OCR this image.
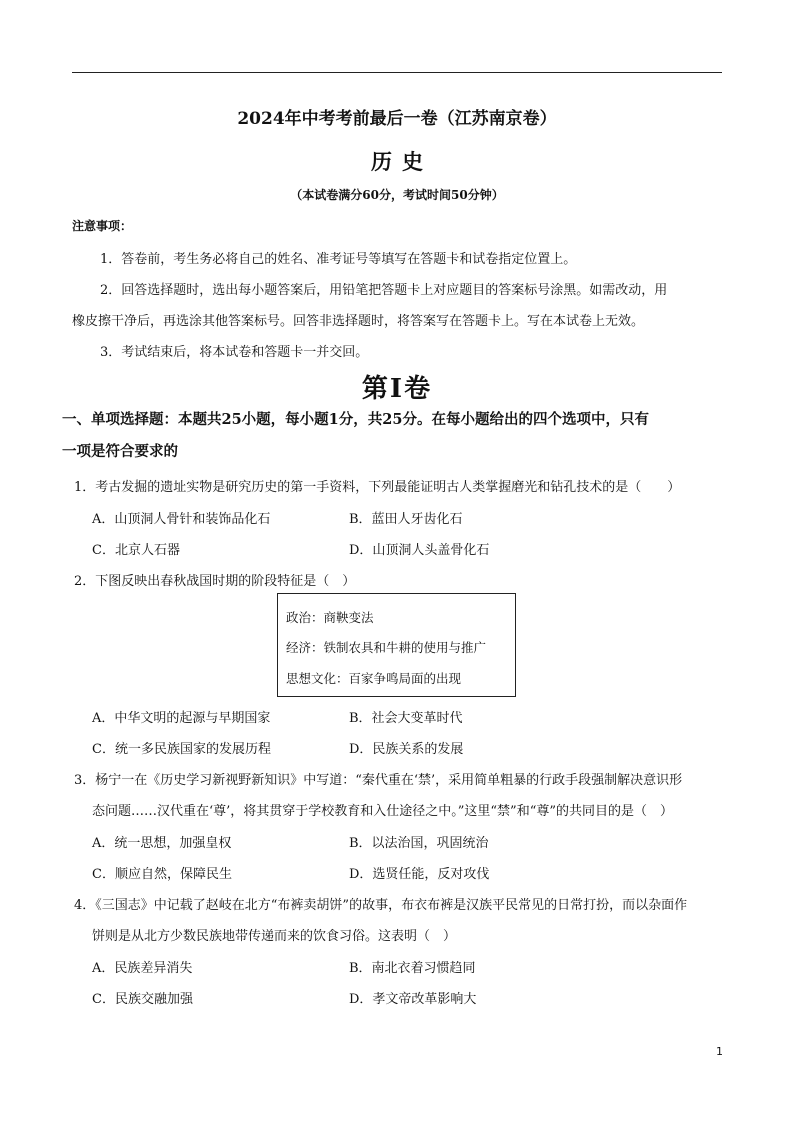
2024年中考考前最后一卷（江苏南京卷）
历史
（本试卷满分60分，考试时间50分钟）
注意事项：
1．答卷前，考生务必将自己的姓名、准考证号等填写在答题卡和试卷指定位置上。
2．回答选择题时，选出每小题答案后，用铅笔把答题卡上对应题目的答案标号涂黑。如需改动，用
橡皮擦干净后，再选涂其他答案标号。回答非选择题时，将答案写在答题卡上。写在本试卷上无效。
3．考试结束后，将本试卷和答题卡一并交回。
第Ⅰ卷
一、单项选择题：本题共25小题，每小题1分，共25分。在每小题给出的四个选项中，只有
一项是符合要求的
1．考古发掘的遗址实物是研究历史的第一手资料，下列最能证明古人类掌握磨光和钻孔技术的是（　　）
A．山顶洞人骨针和装饰品化石	B．蓝田人牙齿化石
C．北京人石器	D．山顶洞人头盖骨化石
2．下图反映出春秋战国时期的阶段特征是（　）
政治：商鞅变法
经济：铁制农具和牛耕的使用与推广
思想文化：百家争鸣局面的出现
A．中华文明的起源与早期国家	B．社会大变革时代
C．统一多民族国家的发展历程	D．民族关系的发展
3．杨宁一在《历史学习新视野新知识》中写道：“秦代重在‘禁’，采用简单粗暴的行政手段强制解决意识形
态问题……汉代重在‘尊’，将其贯穿于学校教育和入仕途径之中。”这里“禁”和“尊”的共同目的是（　）
A．统一思想，加强皇权	B．以法治国，巩固统治
C．顺应自然，保障民生	D．选贤任能，反对攻伐
4．《三国志》中记载了赵岐在北方“布裤卖胡饼”的故事，布衣布裤是汉族平民常见的日常打扮，而以杂面作
饼则是从北方少数民族地带传递而来的饮食习俗。这表明（　）
A．民族差异消失	B．南北衣着习惯趋同
C．民族交融加强	D．孝文帝改革影响大
1
